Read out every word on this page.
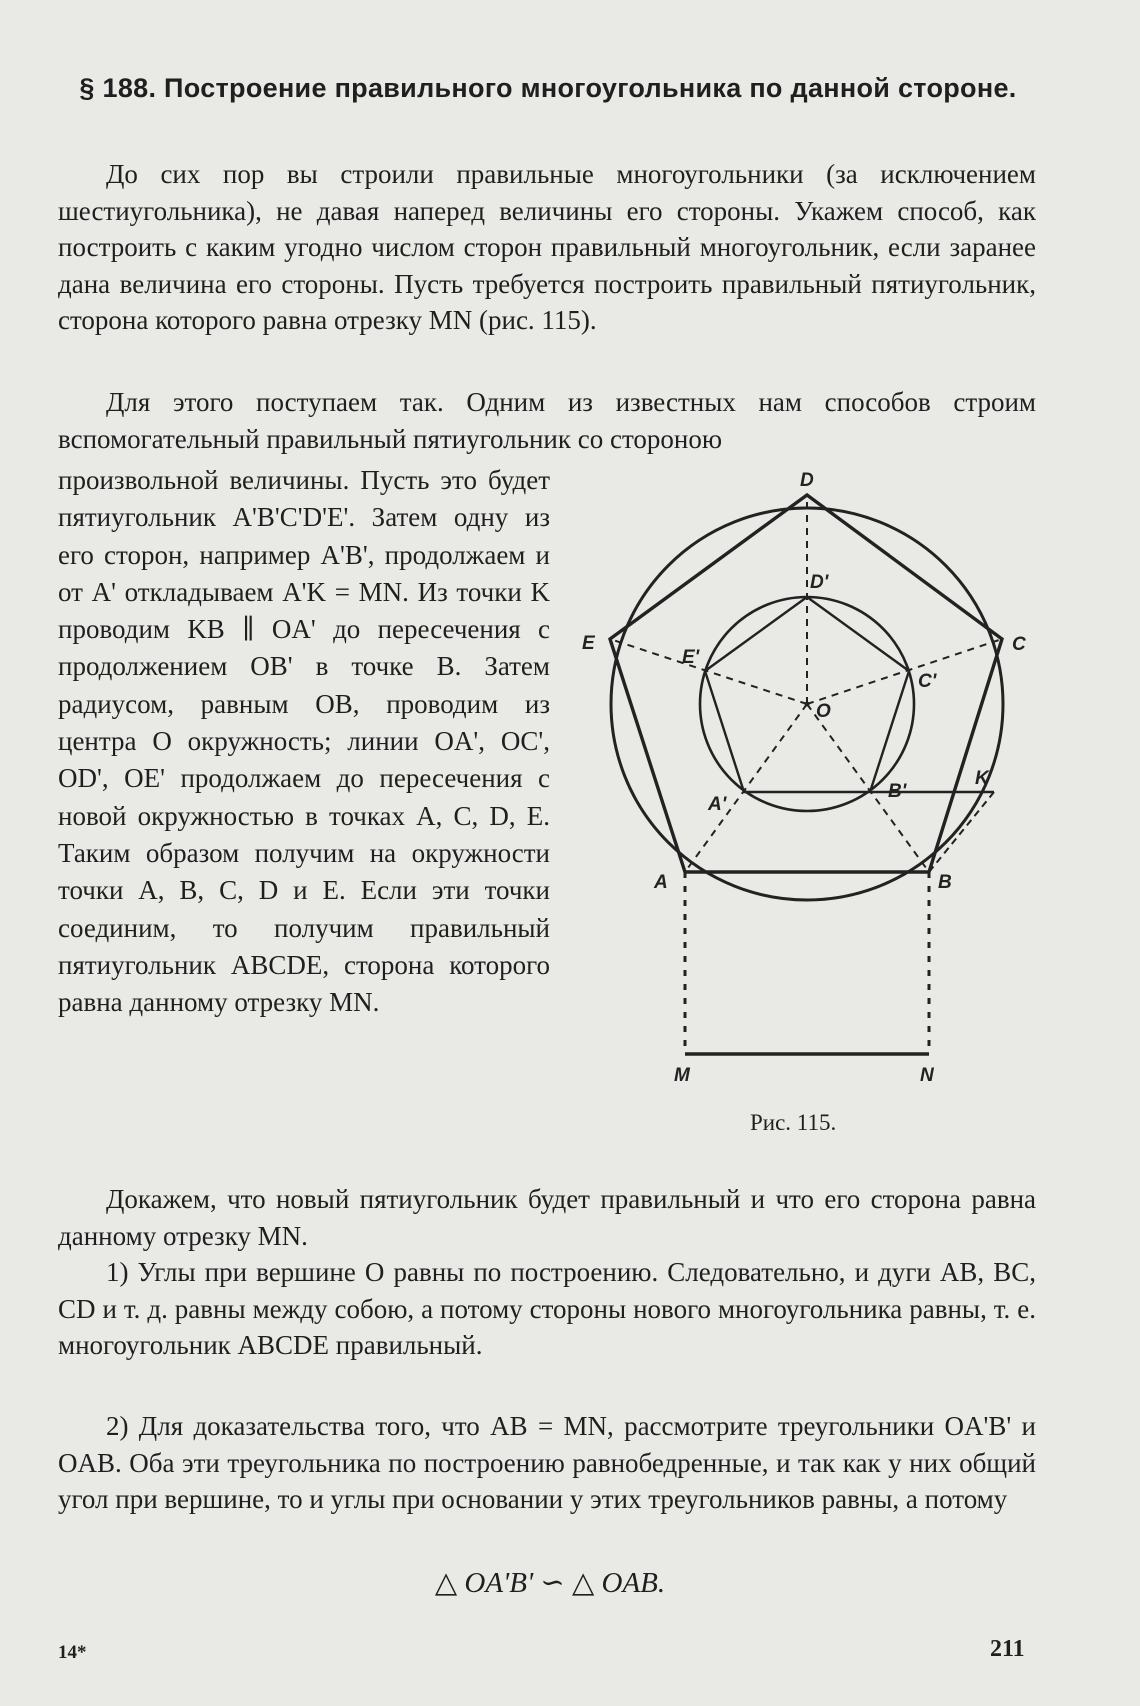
§ 188. Построение правильного многоугольника по данной стороне.

До сих пор вы строили правильные многоугольники (за исключением шестиугольника), не давая наперед величины его стороны. Укажем способ, как построить с каким угодно числом сторон правильный многоугольник, если заранее дана величина его стороны. Пусть требуется построить правильный пятиугольник, сторона которого равна отрезку MN (рис. 115).

Для этого поступаем так. Одним из известных нам способов строим вспомогательный правильный пятиугольник со стороною

произвольной величины. Пусть это будет пятиугольник A'B'C'D'E'. Затем одну из его сторон, например A'B', продолжаем и от A' откладываем A'K = MN. Из точки K проводим KB ∥ OA' до пересечения с продолжением OB' в точке B. Затем радиусом, равным OB, проводим из центра O окружность; линии OA', OC', OD', OE' продолжаем до пересечения с новой окружностью в точках A, C, D, E. Таким образом получим на окружности точки A, B, C, D и E. Если эти точки соединим, то получим правильный пятиугольник ABCDE, сторона которого равна данному отрезку MN.

D
C
E
A	B
D'
C'
E'
A'
B'
O
K
M	N
Рис. 115.

Докажем, что новый пятиугольник будет правильный и что его сторона равна данному отрезку MN.

1) Углы при вершине O равны по построению. Следовательно, и дуги AB, BC, CD и т. д. равны между собою, а потому стороны нового многоугольника равны, т. е. многоугольник ABCDE правильный.

2) Для доказательства того, что AB = MN, рассмотрите треугольники OA'B' и OAB. Оба эти треугольника по построению равнобедренные, и так как у них общий угол при вершине, то и углы при основании у этих треугольников равны, а потому

△ OA'B' ∽ △ OAB.
14*	211
